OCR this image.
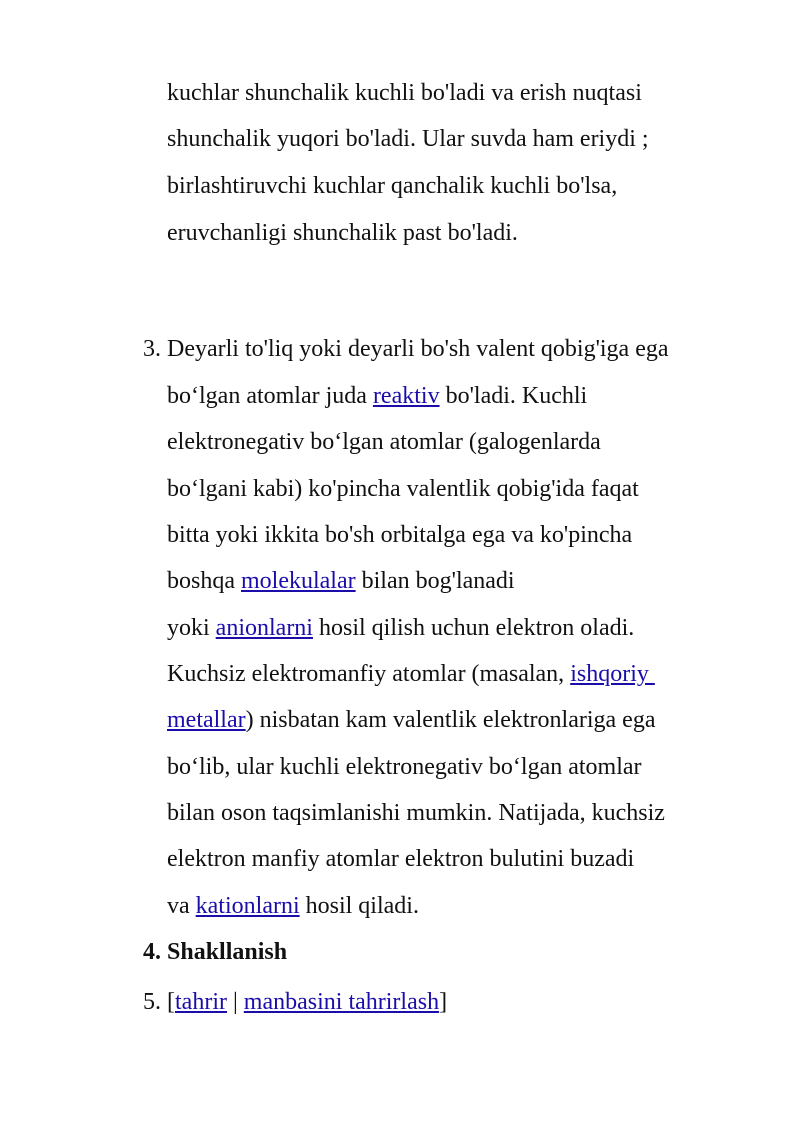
kuchlar shunchalik kuchli bo'ladi va erish nuqtasi
shunchalik yuqori bo'ladi. Ular suvda ham eriydi ;
birlashtiruvchi kuchlar qanchalik kuchli bo'lsa,
eruvchanligi shunchalik past bo'ladi.
3. Deyarli to'liq yoki deyarli bo'sh valent qobig'iga ega
bo‘lgan atomlar juda reaktiv bo'ladi. Kuchli
elektronegativ bo‘lgan atomlar (galogenlarda
bo‘lgani kabi) ko'pincha valentlik qobig'ida faqat
bitta yoki ikkita bo'sh orbitalga ega va ko'pincha
boshqa molekulalar bilan bog'lanadi
yoki anionlarni hosil qilish uchun elektron oladi.
Kuchsiz elektromanfiy atomlar (masalan, ishqoriy
metallar) nisbatan kam valentlik elektronlariga ega
bo‘lib, ular kuchli elektronegativ bo‘lgan atomlar
bilan oson taqsimlanishi mumkin. Natijada, kuchsiz
elektron manfiy atomlar elektron bulutini buzadi
va kationlarni hosil qiladi.
4. Shakllanish
5. [tahrir | manbasini tahrirlash]
